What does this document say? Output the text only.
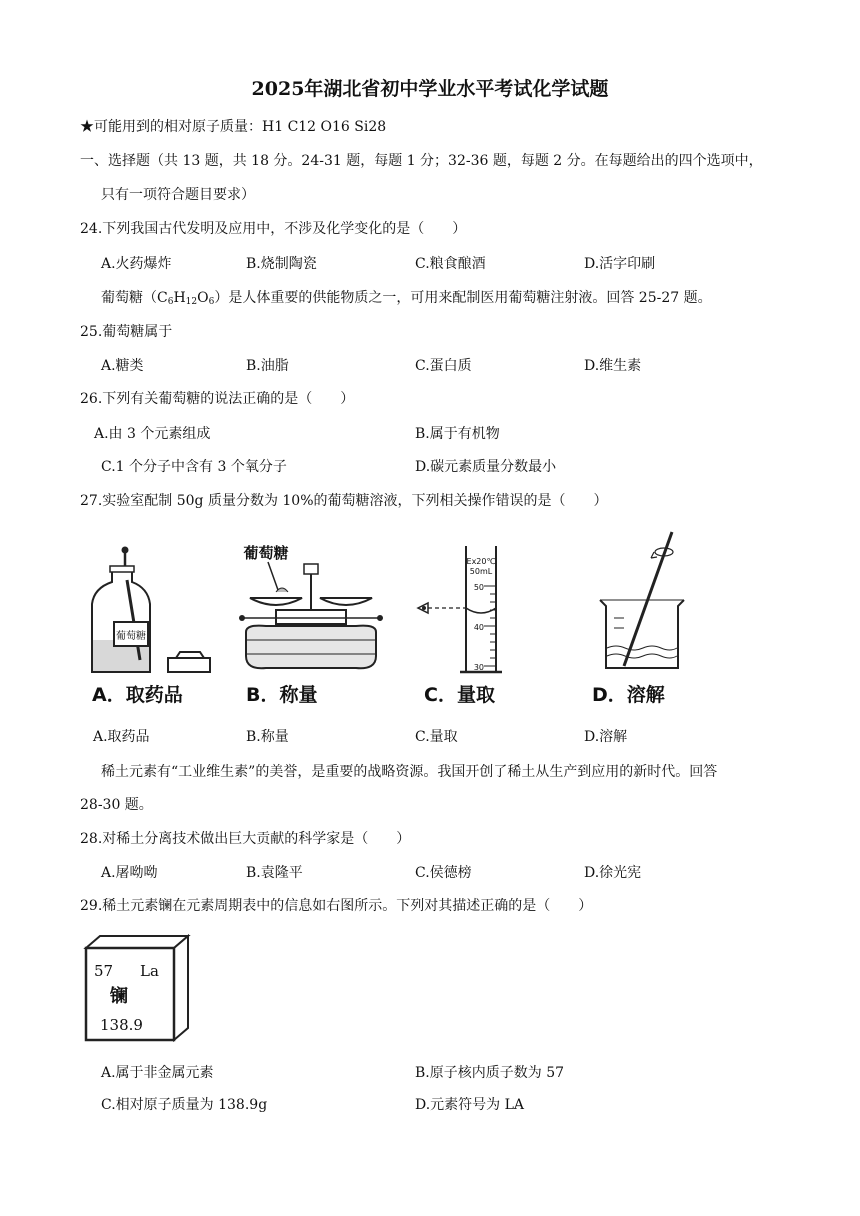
2025年湖北省初中学业水平考试化学试题
★可能用到的相对原子质量：H1 C12 O16 Si28
一、选择题（共 13 题，共 18 分。24-31 题，每题 1 分；32-36 题，每题 2 分。在每题给出的四个选项中，
只有一项符合题目要求）
24.下列我国古代发明及应用中，不涉及化学变化的是（　　）
A.火药爆炸	B.烧制陶瓷	C.粮食酿酒	D.活字印刷
葡萄糖$(C_6H_{12}O_6)$是人体重要的供能物质之一，可用来配制医用葡萄糖注射液。回答 25-27 题。
25.葡萄糖属于
A.糖类	B.油脂	C.蛋白质	D.维生素
26.下列有关葡萄糖的说法正确的是（　　）
A.由 3 个元素组成	B.属于有机物
C.1 个分子中含有 3 个氧分子	D.碳元素质量分数最小
27.实验室配制 50g 质量分数为 10%的葡萄糖溶液，下列相关操作错误的是（　　）
葡萄糖
葡萄糖	Ex20℃
50mL
50
40
30
A．取药品	B．称量	C．量取	D．溶解
A.取药品	B.称量	C.量取	D.溶解
稀土元素有“工业维生素”的美誉，是重要的战略资源。我国开创了稀土从生产到应用的新时代。回答
28-30 题。
28.对稀土分离技术做出巨大贡献的科学家是（　　）
A.屠呦呦	B.袁隆平	C.侯德榜	D.徐光宪
29.稀土元素镧在元素周期表中的信息如右图所示。下列对其描述正确的是（　　）
57 La
镧
138.9
A.属于非金属元素	B.原子核内质子数为 57
C.相对原子质量为 138.9g	D.元素符号为 LA
